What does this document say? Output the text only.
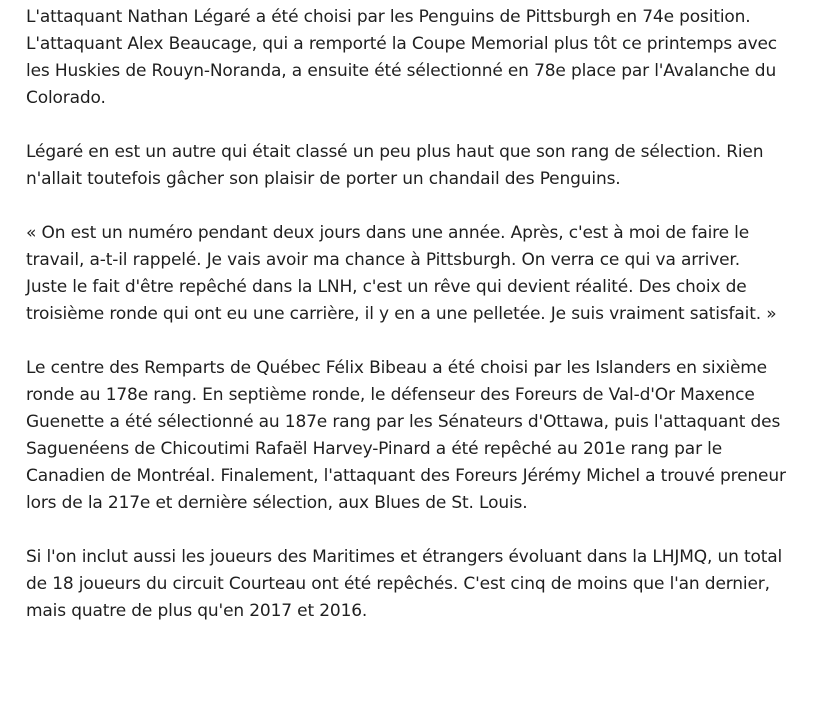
L'attaquant Nathan Légaré a été choisi par les Penguins de Pittsburgh en 74e position. L'attaquant Alex Beaucage, qui a remporté la Coupe Memorial plus tôt ce printemps avec les Huskies de Rouyn-Noranda, a ensuite été sélectionné en 78e place par l'Avalanche du Colorado.

Légaré en est un autre qui était classé un peu plus haut que son rang de sélection. Rien n'allait toutefois gâcher son plaisir de porter un chandail des Penguins.

« On est un numéro pendant deux jours dans une année. Après, c'est à moi de faire le travail, a-t-il rappelé. Je vais avoir ma chance à Pittsburgh. On verra ce qui va arriver. Juste le fait d'être repêché dans la LNH, c'est un rêve qui devient réalité. Des choix de troisième ronde qui ont eu une carrière, il y en a une pelletée. Je suis vraiment satisfait. »

Le centre des Remparts de Québec Félix Bibeau a été choisi par les Islanders en sixième ronde au 178e rang. En septième ronde, le défenseur des Foreurs de Val-d'Or Maxence Guenette a été sélectionné au 187e rang par les Sénateurs d'Ottawa, puis l'attaquant des Saguenéens de Chicoutimi Rafaël Harvey-Pinard a été repêché au 201e rang par le Canadien de Montréal. Finalement, l'attaquant des Foreurs Jérémy Michel a trouvé preneur lors de la 217e et dernière sélection, aux Blues de St. Louis.

Si l'on inclut aussi les joueurs des Maritimes et étrangers évoluant dans la LHJMQ, un total de 18 joueurs du circuit Courteau ont été repêchés. C'est cinq de moins que l'an dernier, mais quatre de plus qu'en 2017 et 2016.
